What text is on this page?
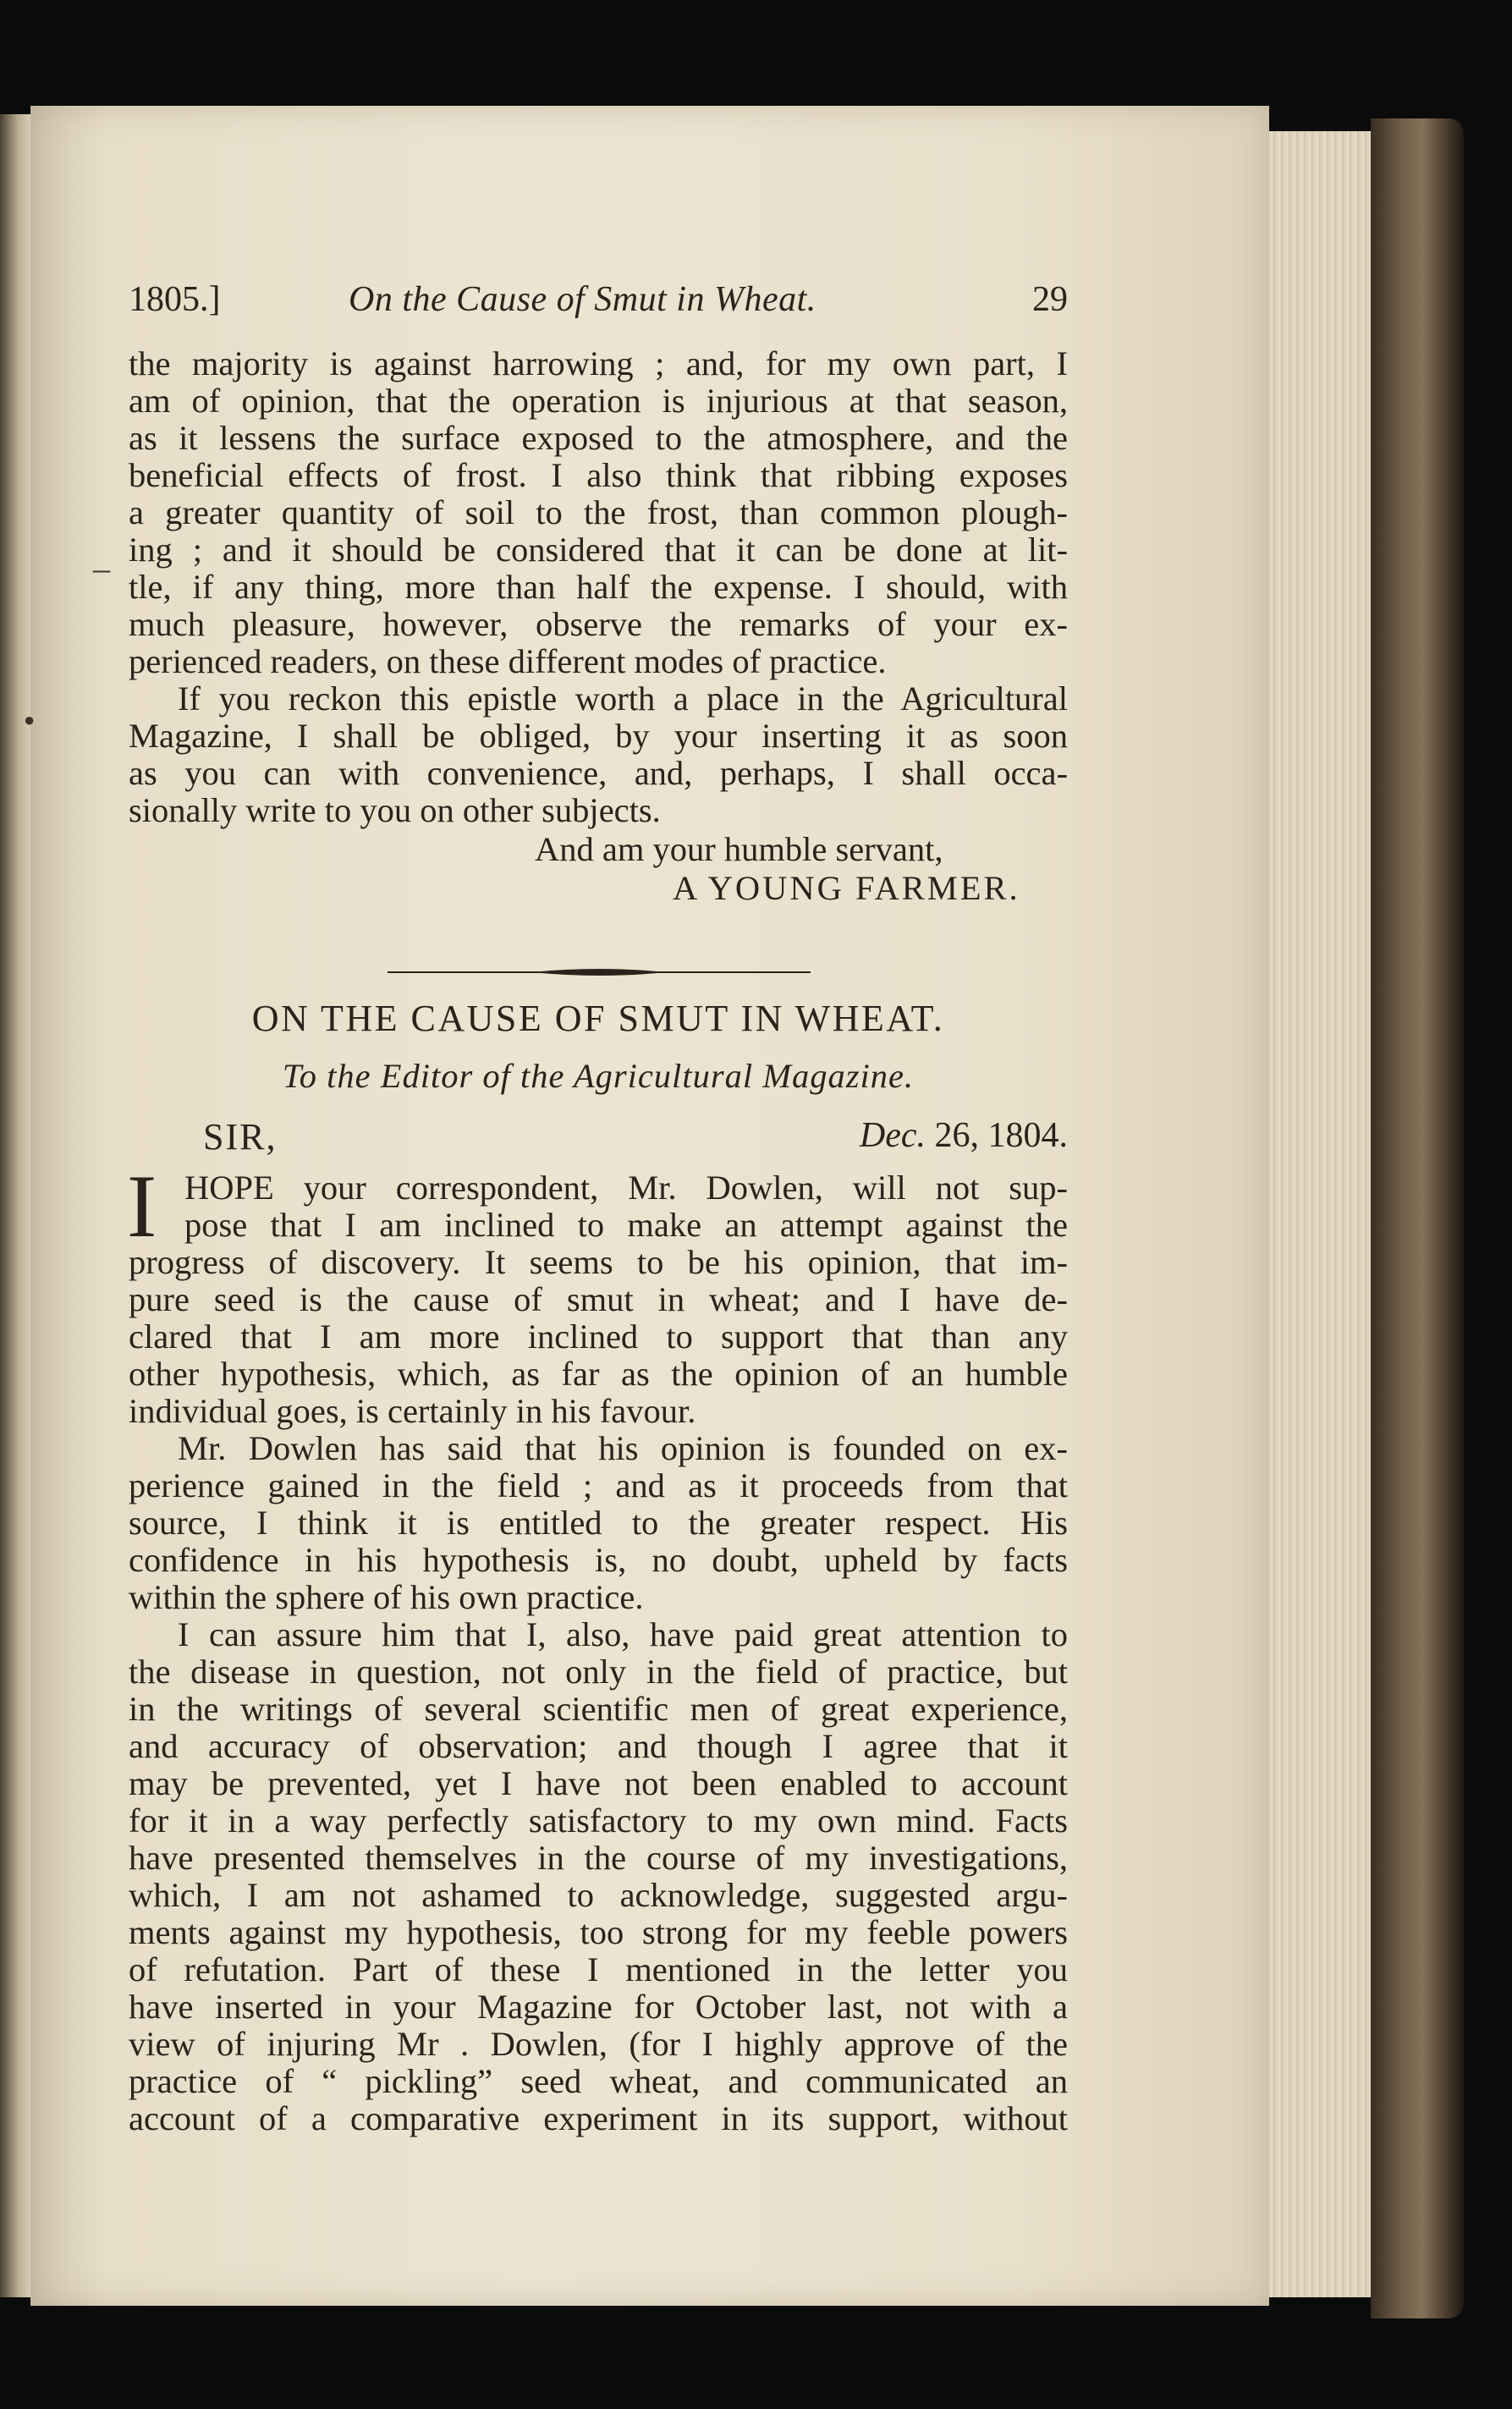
–
●
1805.]	On the Cause of Smut in Wheat.	29
the majority is against harrowing ; and, for my own part, I
am of opinion, that the operation is injurious at that season,
as it lessens the surface exposed to the atmosphere, and the
beneficial effects of frost. I also think that ribbing exposes
a greater quantity of soil to the frost, than common plough-
ing ; and it should be considered that it can be done at lit-
tle, if any thing, more than half the expense. I should, with
much pleasure, however, observe the remarks of your ex-
perienced readers, on these different modes of practice.
If you reckon this epistle worth a place in the Agricultural
Magazine, I shall be obliged, by your inserting it as soon
as you can with convenience, and, perhaps, I shall occa-
sionally write to you on other subjects.
And am your humble servant,
A YOUNG FARMER.
ON THE CAUSE OF SMUT IN WHEAT.
To the Editor of the Agricultural Magazine.
SIR,	Dec. 26, 1804.
I HOPE your correspondent, Mr. Dowlen, will not sup-
pose that I am inclined to make an attempt against the
progress of discovery. It seems to be his opinion, that im-
pure seed is the cause of smut in wheat; and I have de-
clared that I am more inclined to support that than any
other hypothesis, which, as far as the opinion of an humble
individual goes, is certainly in his favour.
Mr. Dowlen has said that his opinion is founded on ex-
perience gained in the field ; and as it proceeds from that
source, I think it is entitled to the greater respect. His
confidence in his hypothesis is, no doubt, upheld by facts
within the sphere of his own practice.
I can assure him that I, also, have paid great attention to
the disease in question, not only in the field of practice, but
in the writings of several scientific men of great experience,
and accuracy of observation; and though I agree that it
may be prevented, yet I have not been enabled to account
for it in a way perfectly satisfactory to my own mind. Facts
have presented themselves in the course of my investigations,
which, I am not ashamed to acknowledge, suggested argu-
ments against my hypothesis, too strong for my feeble powers
of refutation. Part of these I mentioned in the letter you
have inserted in your Magazine for October last, not with a
view of injuring Mr . Dowlen, (for I highly approve of the
practice of “ pickling” seed wheat, and communicated an
account of a comparative experiment in its support, without
